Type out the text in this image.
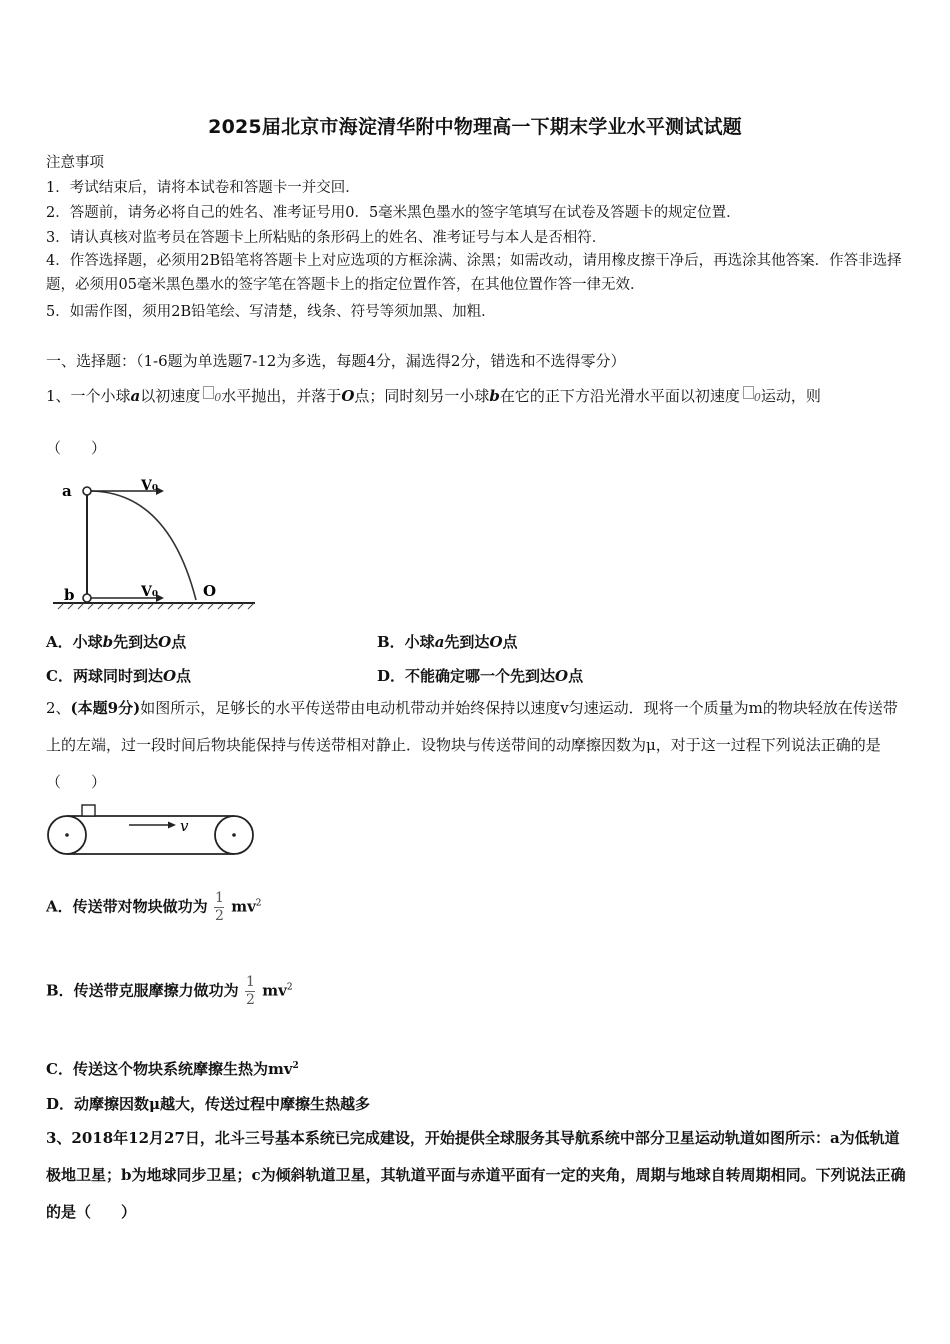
2025届北京市海淀清华附中物理高一下期末学业水平测试试题
注意事项
1．考试结束后，请将本试卷和答题卡一并交回．
2．答题前，请务必将自己的姓名、准考证号用0．5毫米黑色墨水的签字笔填写在试卷及答题卡的规定位置．
3．请认真核对监考员在答题卡上所粘贴的条形码上的姓名、准考证号与本人是否相符．
4．作答选择题，必须用2B铅笔将答题卡上对应选项的方框涂满、涂黑；如需改动，请用橡皮擦干净后，再选涂其他答案．作答非选择题，必须用05毫米黑色墨水的签字笔在答题卡上的指定位置作答，在其他位置作答一律无效．
5．如需作图，须用2B铅笔绘、写清楚，线条、符号等须加黑、加粗．
一、选择题：（1-6题为单选题7-12为多选，每题4分，漏选得2分，错选和不选得零分）
1、一个小球a以初速度 0水平抛出，并落于O点；同时刻另一小球b在它的正下方沿光滑水平面以初速度 0运动，则
（　　）
a
b
V₀
V₀	O
A．小球b先到达O点	B．小球a先到达O点
C．两球同时到达O点	D．不能确定哪一个先到达O点
2、(本题9分)如图所示，足够长的水平传送带由电动机带动并始终保持以速度v匀速运动．现将一个质量为m的物块轻放在传送带上的左端，过一段时间后物块能保持与传送带相对静止．设物块与传送带间的动摩擦因数为μ，对于这一过程下列说法正确的是（　　）
v
A．传送带对物块做功为 $\frac{1}{2} mv^2$
B．传送带克服摩擦力做功为 $\frac{1}{2} mv^2$
C．传送这个物块系统摩擦生热为$mv^2$
D．动摩擦因数μ越大，传送过程中摩擦生热越多
3、2018年12月27日，北斗三号基本系统已完成建设，开始提供全球服务其导航系统中部分卫星运动轨道如图所示：a为低轨道极地卫星；b为地球同步卫星；c为倾斜轨道卫星，其轨道平面与赤道平面有一定的夹角，周期与地球自转周期相同。下列说法正确的是（　　）
